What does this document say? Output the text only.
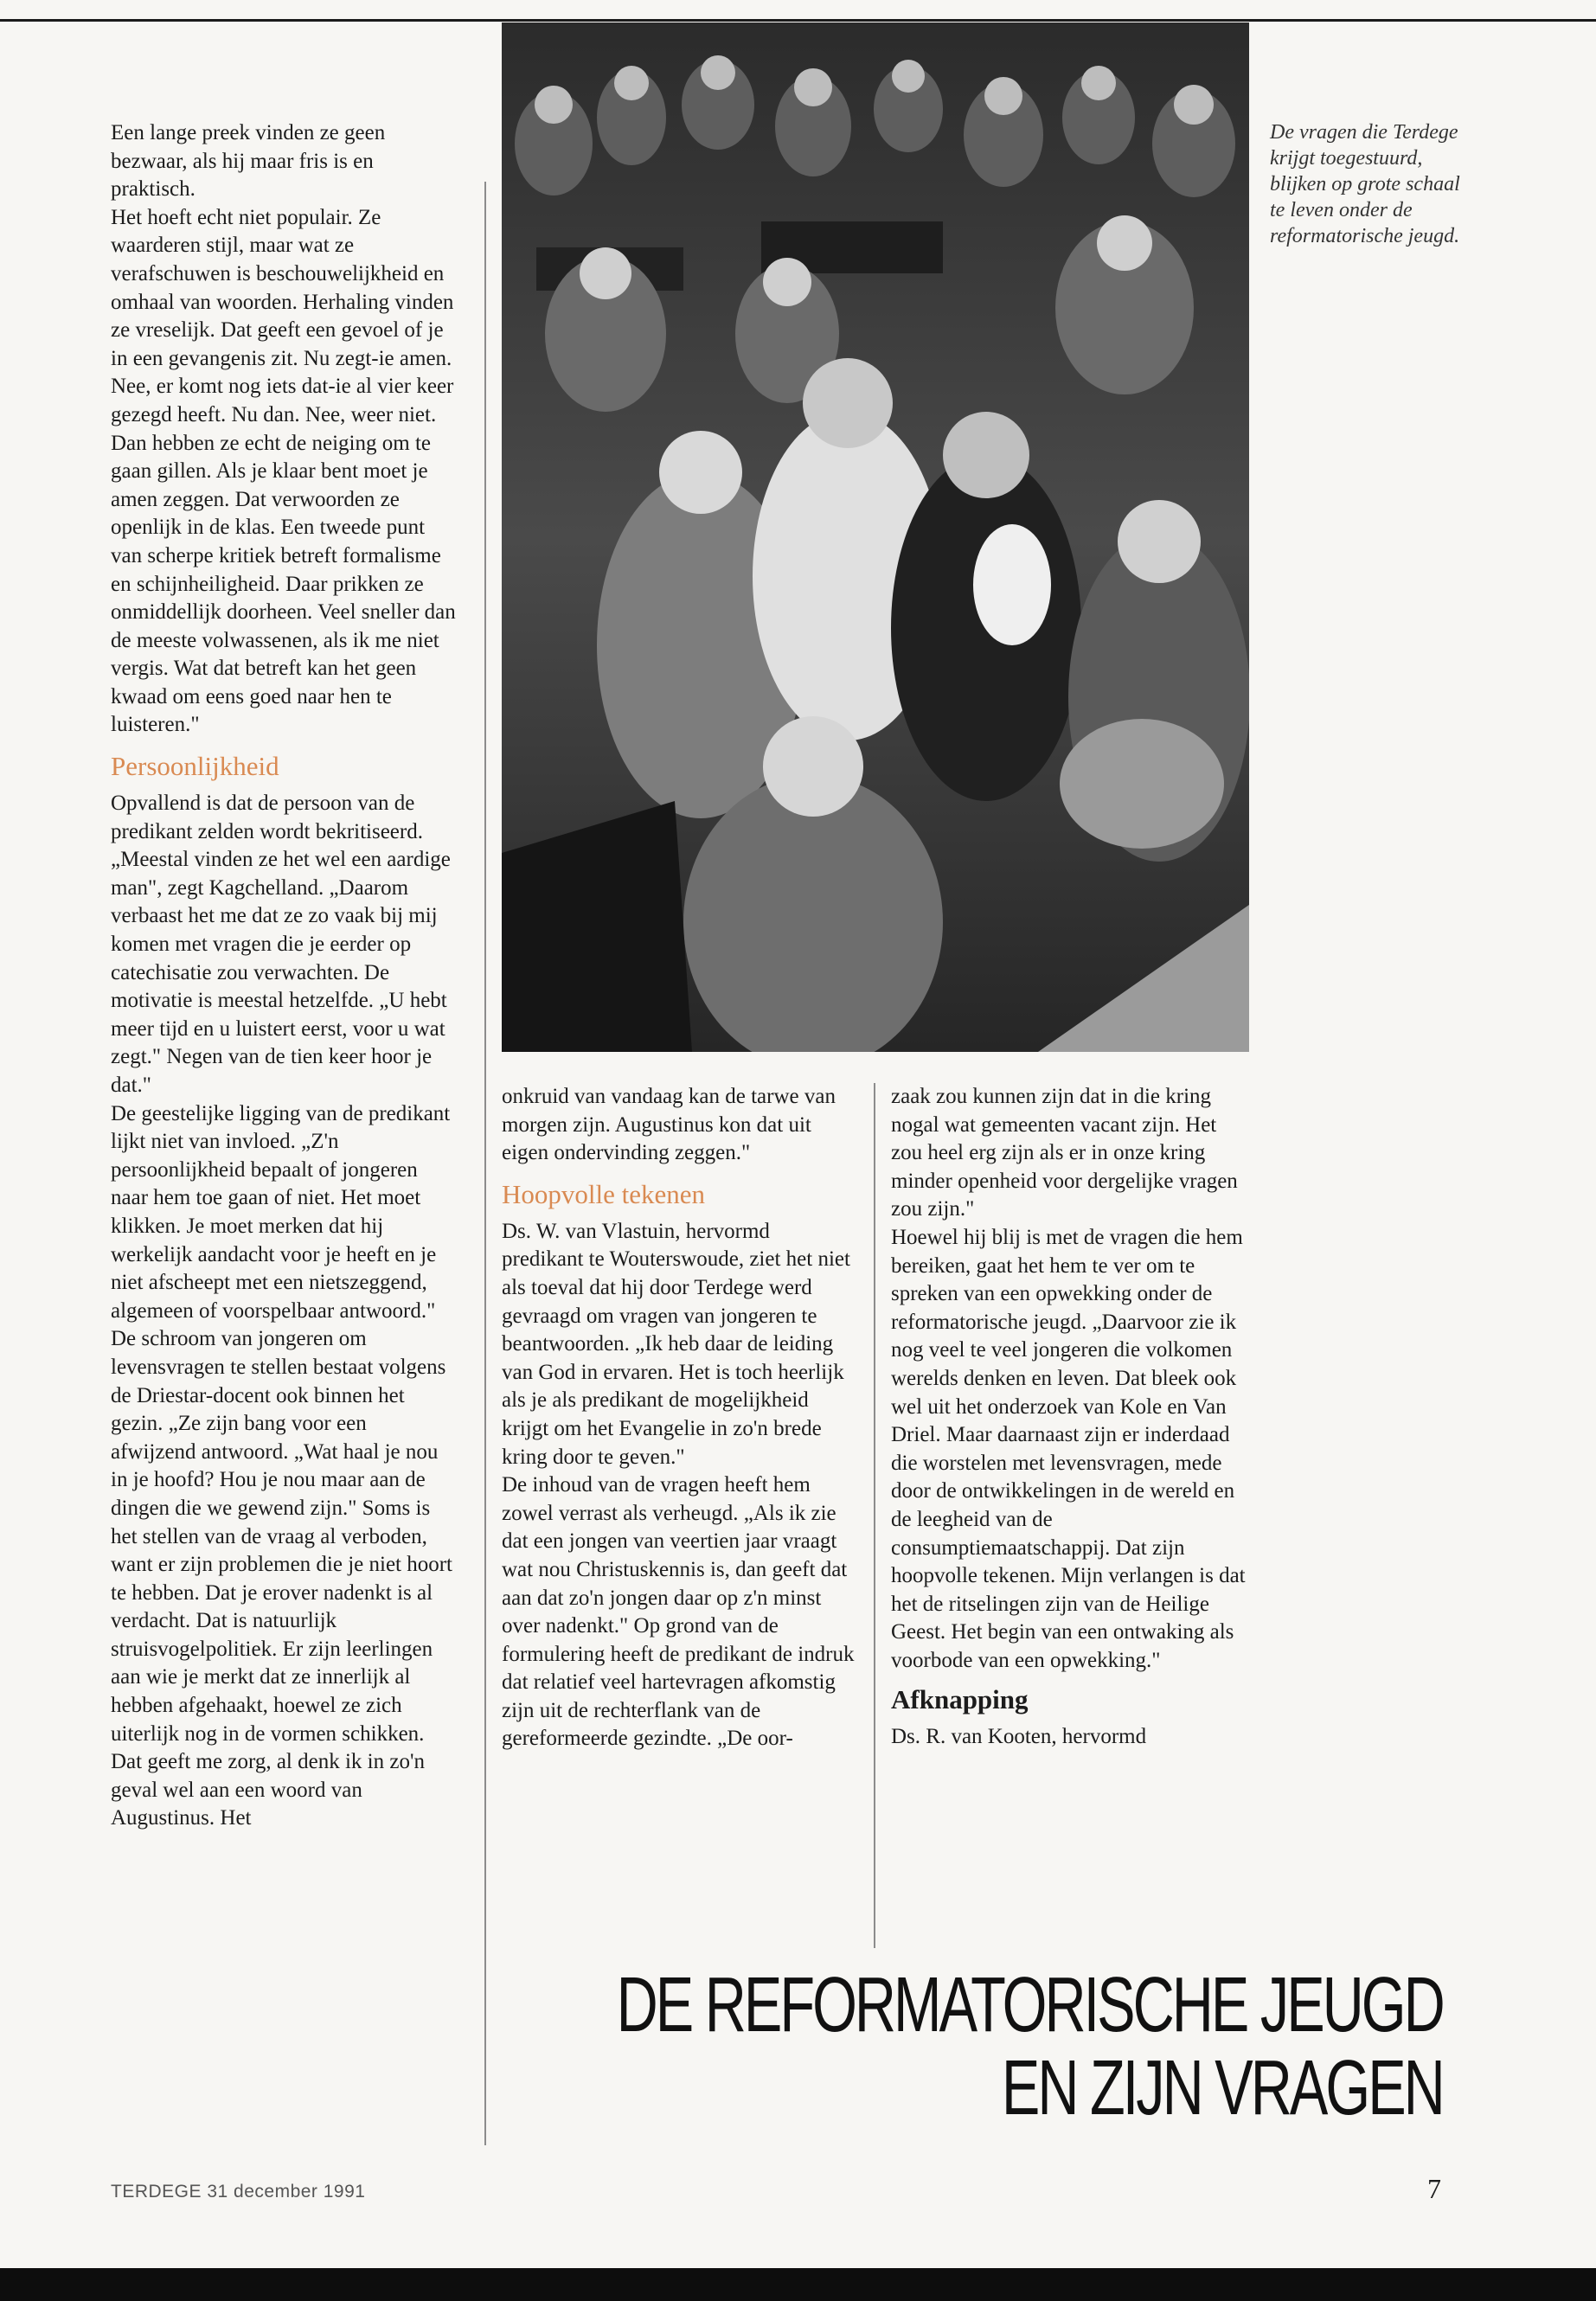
Een lange preek vinden ze geen bezwaar, als hij maar fris is en praktisch.

Het hoeft echt niet populair. Ze waarderen stijl, maar wat ze verafschuwen is beschouwelijkheid en omhaal van woorden. Herhaling vinden ze vreselijk. Dat geeft een gevoel of je in een gevangenis zit. Nu zegt-ie amen. Nee, er komt nog iets dat-ie al vier keer gezegd heeft. Nu dan. Nee, weer niet. Dan hebben ze echt de neiging om te gaan gillen. Als je klaar bent moet je amen zeggen. Dat verwoorden ze openlijk in de klas. Een tweede punt van scherpe kritiek betreft formalisme en schijnheiligheid. Daar prikken ze onmiddellijk doorheen. Veel sneller dan de meeste volwassenen, als ik me niet vergis. Wat dat betreft kan het geen kwaad om eens goed naar hen te luisteren."

Persoonlijkheid

Opvallend is dat de persoon van de predikant zelden wordt bekritiseerd. „Meestal vinden ze het wel een aardige man", zegt Kagchelland. „Daarom verbaast het me dat ze zo vaak bij mij komen met vragen die je eerder op catechisatie zou verwachten. De motivatie is meestal hetzelfde. „U hebt meer tijd en u luistert eerst, voor u wat zegt." Negen van de tien keer hoor je dat."

De geestelijke ligging van de predikant lijkt niet van invloed. „Z'n persoonlijkheid bepaalt of jongeren naar hem toe gaan of niet. Het moet klikken. Je moet merken dat hij werkelijk aandacht voor je heeft en je niet afscheept met een nietszeggend, algemeen of voorspelbaar antwoord."

De schroom van jongeren om levensvragen te stellen bestaat volgens de Driestar-docent ook binnen het gezin. „Ze zijn bang voor een afwijzend antwoord. „Wat haal je nou in je hoofd? Hou je nou maar aan de dingen die we gewend zijn." Soms is het stellen van de vraag al verboden, want er zijn problemen die je niet hoort te hebben. Dat je erover nadenkt is al verdacht. Dat is natuurlijk struisvogelpolitiek. Er zijn leerlingen aan wie je merkt dat ze innerlijk al hebben afgehaakt, hoewel ze zich uiterlijk nog in de vormen schikken. Dat geeft me zorg, al denk ik in zo'n geval wel aan een woord van Augustinus. Het

De vragen die Terdege krijgt toegestuurd, blijken op grote schaal te leven onder de reformatorische jeugd.

onkruid van vandaag kan de tarwe van morgen zijn. Augustinus kon dat uit eigen ondervinding zeggen."

Hoopvolle tekenen

Ds. W. van Vlastuin, hervormd predikant te Wouterswoude, ziet het niet als toeval dat hij door Terdege werd gevraagd om vragen van jongeren te beantwoorden. „Ik heb daar de leiding van God in ervaren. Het is toch heerlijk als je als predikant de mogelijkheid krijgt om het Evangelie in zo'n brede kring door te geven."

De inhoud van de vragen heeft hem zowel verrast als verheugd. „Als ik zie dat een jongen van veertien jaar vraagt wat nou Christuskennis is, dan geeft dat aan dat zo'n jongen daar op z'n minst over nadenkt." Op grond van de formulering heeft de predikant de indruk dat relatief veel hartevragen afkomstig zijn uit de rechterflank van de gereformeerde gezindte. „De oor-

zaak zou kunnen zijn dat in die kring nogal wat gemeenten vacant zijn. Het zou heel erg zijn als er in onze kring minder openheid voor dergelijke vragen zou zijn."

Hoewel hij blij is met de vragen die hem bereiken, gaat het hem te ver om te spreken van een opwekking onder de reformatorische jeugd. „Daarvoor zie ik nog veel te veel jongeren die volkomen werelds denken en leven. Dat bleek ook wel uit het onderzoek van Kole en Van Driel. Maar daarnaast zijn er inderdaad die worstelen met levensvragen, mede door de ontwikkelingen in de wereld en de leegheid van de consumptiemaatschappij. Dat zijn hoopvolle tekenen. Mijn verlangen is dat het de ritselingen zijn van de Heilige Geest. Het begin van een ontwaking als voorbode van een opwekking."

Afknapping

Ds. R. van Kooten, hervormd

DE REFORMATORISCHE JEUGD
EN ZIJN VRAGEN
TERDEGE 31 december 1991	7
